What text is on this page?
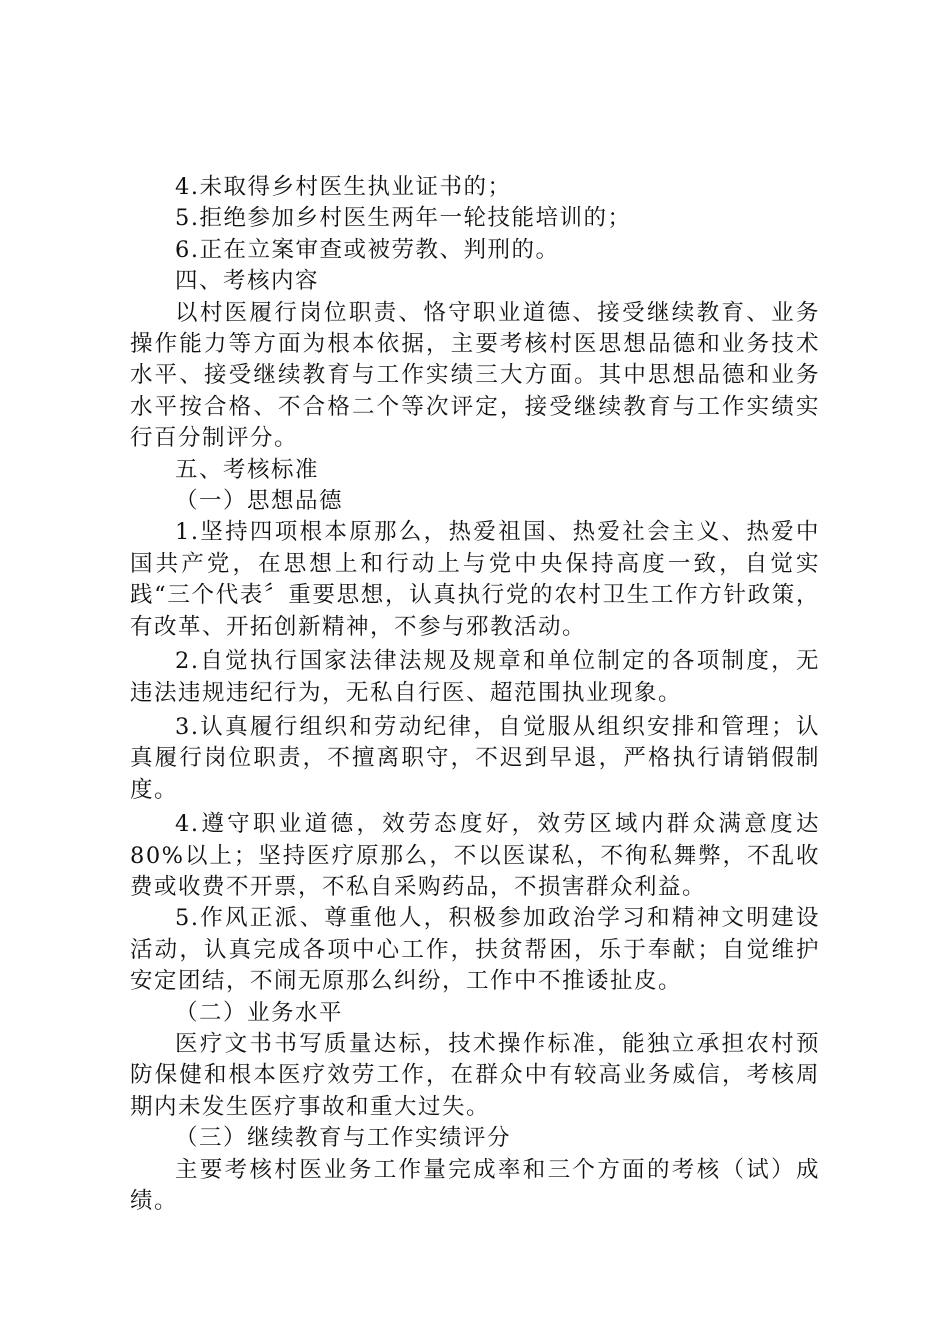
4.未取得乡村医生执业证书的；

5.拒绝参加乡村医生两年一轮技能培训的；

6.正在立案审查或被劳教、判刑的。

四、考核内容

以村医履行岗位职责、恪守职业道德、接受继续教育、业务操作能力等方面为根本依据，主要考核村医思想品德和业务技术水平、接受继续教育与工作实绩三大方面。其中思想品德和业务水平按合格、不合格二个等次评定，接受继续教育与工作实绩实行百分制评分。

五、考核标准

（一）思想品德

1.坚持四项根本原那么，热爱祖国、热爱社会主义、热爱中国共产党，在思想上和行动上与党中央保持高度一致，自觉实践“三个代表〞重要思想，认真执行党的农村卫生工作方针政策，有改革、开拓创新精神，不参与邪教活动。

2.自觉执行国家法律法规及规章和单位制定的各项制度，无违法违规违纪行为，无私自行医、超范围执业现象。

3.认真履行组织和劳动纪律，自觉服从组织安排和管理；认真履行岗位职责，不擅离职守，不迟到早退，严格执行请销假制度。

4.遵守职业道德，效劳态度好，效劳区域内群众满意度达80%以上；坚持医疗原那么，不以医谋私，不徇私舞弊，不乱收费或收费不开票，不私自采购药品，不损害群众利益。

5.作风正派、尊重他人，积极参加政治学习和精神文明建设活动，认真完成各项中心工作，扶贫帮困，乐于奉献；自觉维护安定团结，不闹无原那么纠纷，工作中不推诿扯皮。

（二）业务水平

医疗文书书写质量达标，技术操作标准，能独立承担农村预防保健和根本医疗效劳工作，在群众中有较高业务威信，考核周期内未发生医疗事故和重大过失。

（三）继续教育与工作实绩评分

主要考核村医业务工作量完成率和三个方面的考核（试）成绩。
